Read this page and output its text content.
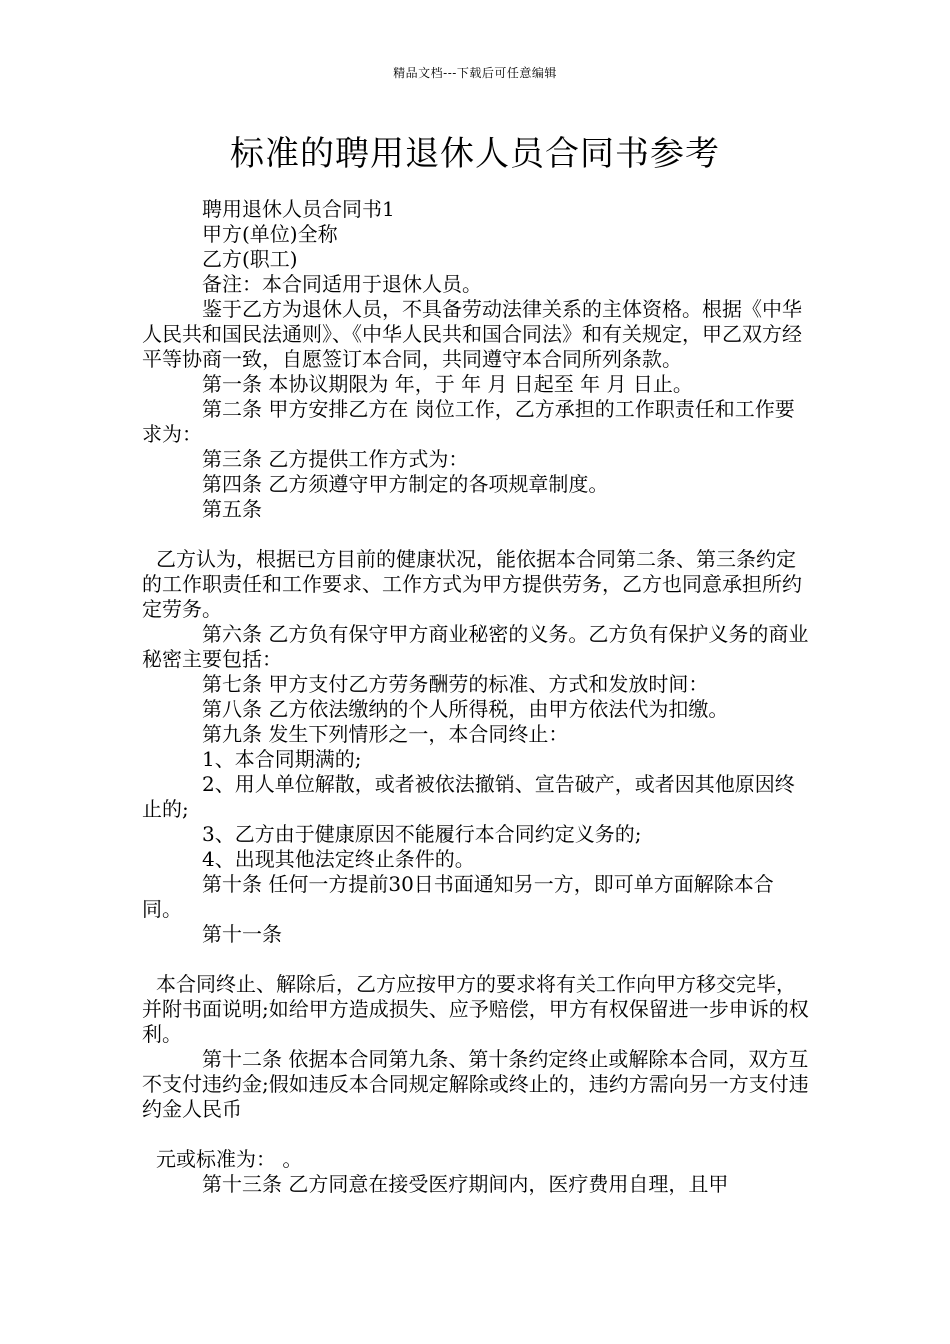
精品文档---下载后可任意编辑
标准的聘用退休人员合同书参考

聘用退休人员合同书1

甲方(单位)全称

乙方(职工)

备注：本合同适用于退休人员。

鉴于乙方为退休人员，不具备劳动法律关系的主体资格。根据《中华人民共和国民法通则》、《中华人民共和国合同法》和有关规定，甲乙双方经平等协商一致，自愿签订本合同，共同遵守本合同所列条款。

第一条 本协议期限为 年，于 年 月 日起至 年 月 日止。

第二条 甲方安排乙方在 岗位工作，乙方承担的工作职责任和工作要求为：

第三条 乙方提供工作方式为：

第四条 乙方须遵守甲方制定的各项规章制度。

第五条

乙方认为，根据已方目前的健康状况，能依据本合同第二条、第三条约定的工作职责任和工作要求、工作方式为甲方提供劳务，乙方也同意承担所约定劳务。

第六条 乙方负有保守甲方商业秘密的义务。乙方负有保护义务的商业秘密主要包括：

第七条 甲方支付乙方劳务酬劳的标准、方式和发放时间：

第八条 乙方依法缴纳的个人所得税，由甲方依法代为扣缴。

第九条 发生下列情形之一，本合同终止：

1、本合同期满的;

2、用人单位解散，或者被依法撤销、宣告破产，或者因其他原因终止的;

3、乙方由于健康原因不能履行本合同约定义务的;

4、出现其他法定终止条件的。

第十条 任何一方提前30日书面通知另一方，即可单方面解除本合同。

第十一条

本合同终止、解除后，乙方应按甲方的要求将有关工作向甲方移交完毕，并附书面说明;如给甲方造成损失、应予赔偿，甲方有权保留进一步申诉的权利。

第十二条 依据本合同第九条、第十条约定终止或解除本合同，双方互不支付违约金;假如违反本合同规定解除或终止的，违约方需向另一方支付违约金人民币

元或标准为： 。

第十三条 乙方同意在接受医疗期间内，医疗费用自理，且甲
